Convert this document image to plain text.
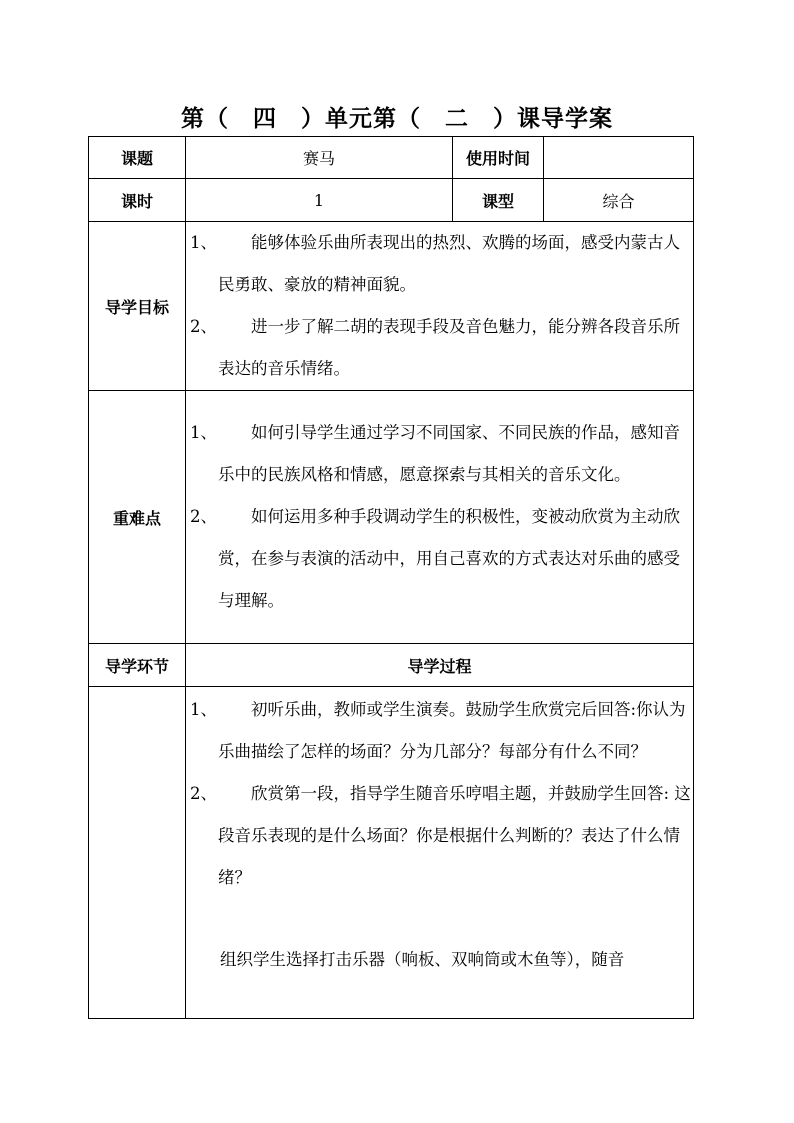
第（　四　）单元第（　二　）课导学案
课题	赛马	使用时间	
课时	1	课型	综合
导学目标	1、 能够体验乐曲所表现出的热烈、欢腾的场面，感受内蒙古人民勇敢、豪放的精神面貌。
2、 进一步了解二胡的表现手段及音色魅力，能分辨各段音乐所表达的音乐情绪。		

重难点	1、 如何引导学生通过学习不同国家、不同民族的作品，感知音乐中的民族风格和情感，愿意探索与其相关的音乐文化。
2、 如何运用多种手段调动学生的积极性，变被动欣赏为主动欣赏，在参与表演的活动中，用自己喜欢的方式表达对乐曲的感受与理解。		

导学环节	导学过程		

	1、 初听乐曲，教师或学生演奏。鼓励学生欣赏完后回答:你认为乐曲描绘了怎样的场面？分为几部分？每部分有什么不同？
2、 欣赏第一段，指导学生随音乐哼唱主题，并鼓励学生回答: 这段音乐表现的是什么场面？你是根据什么判断的？表达了什么情绪？
组织学生选择打击乐器（响板、双响筒或木鱼等），随音		
